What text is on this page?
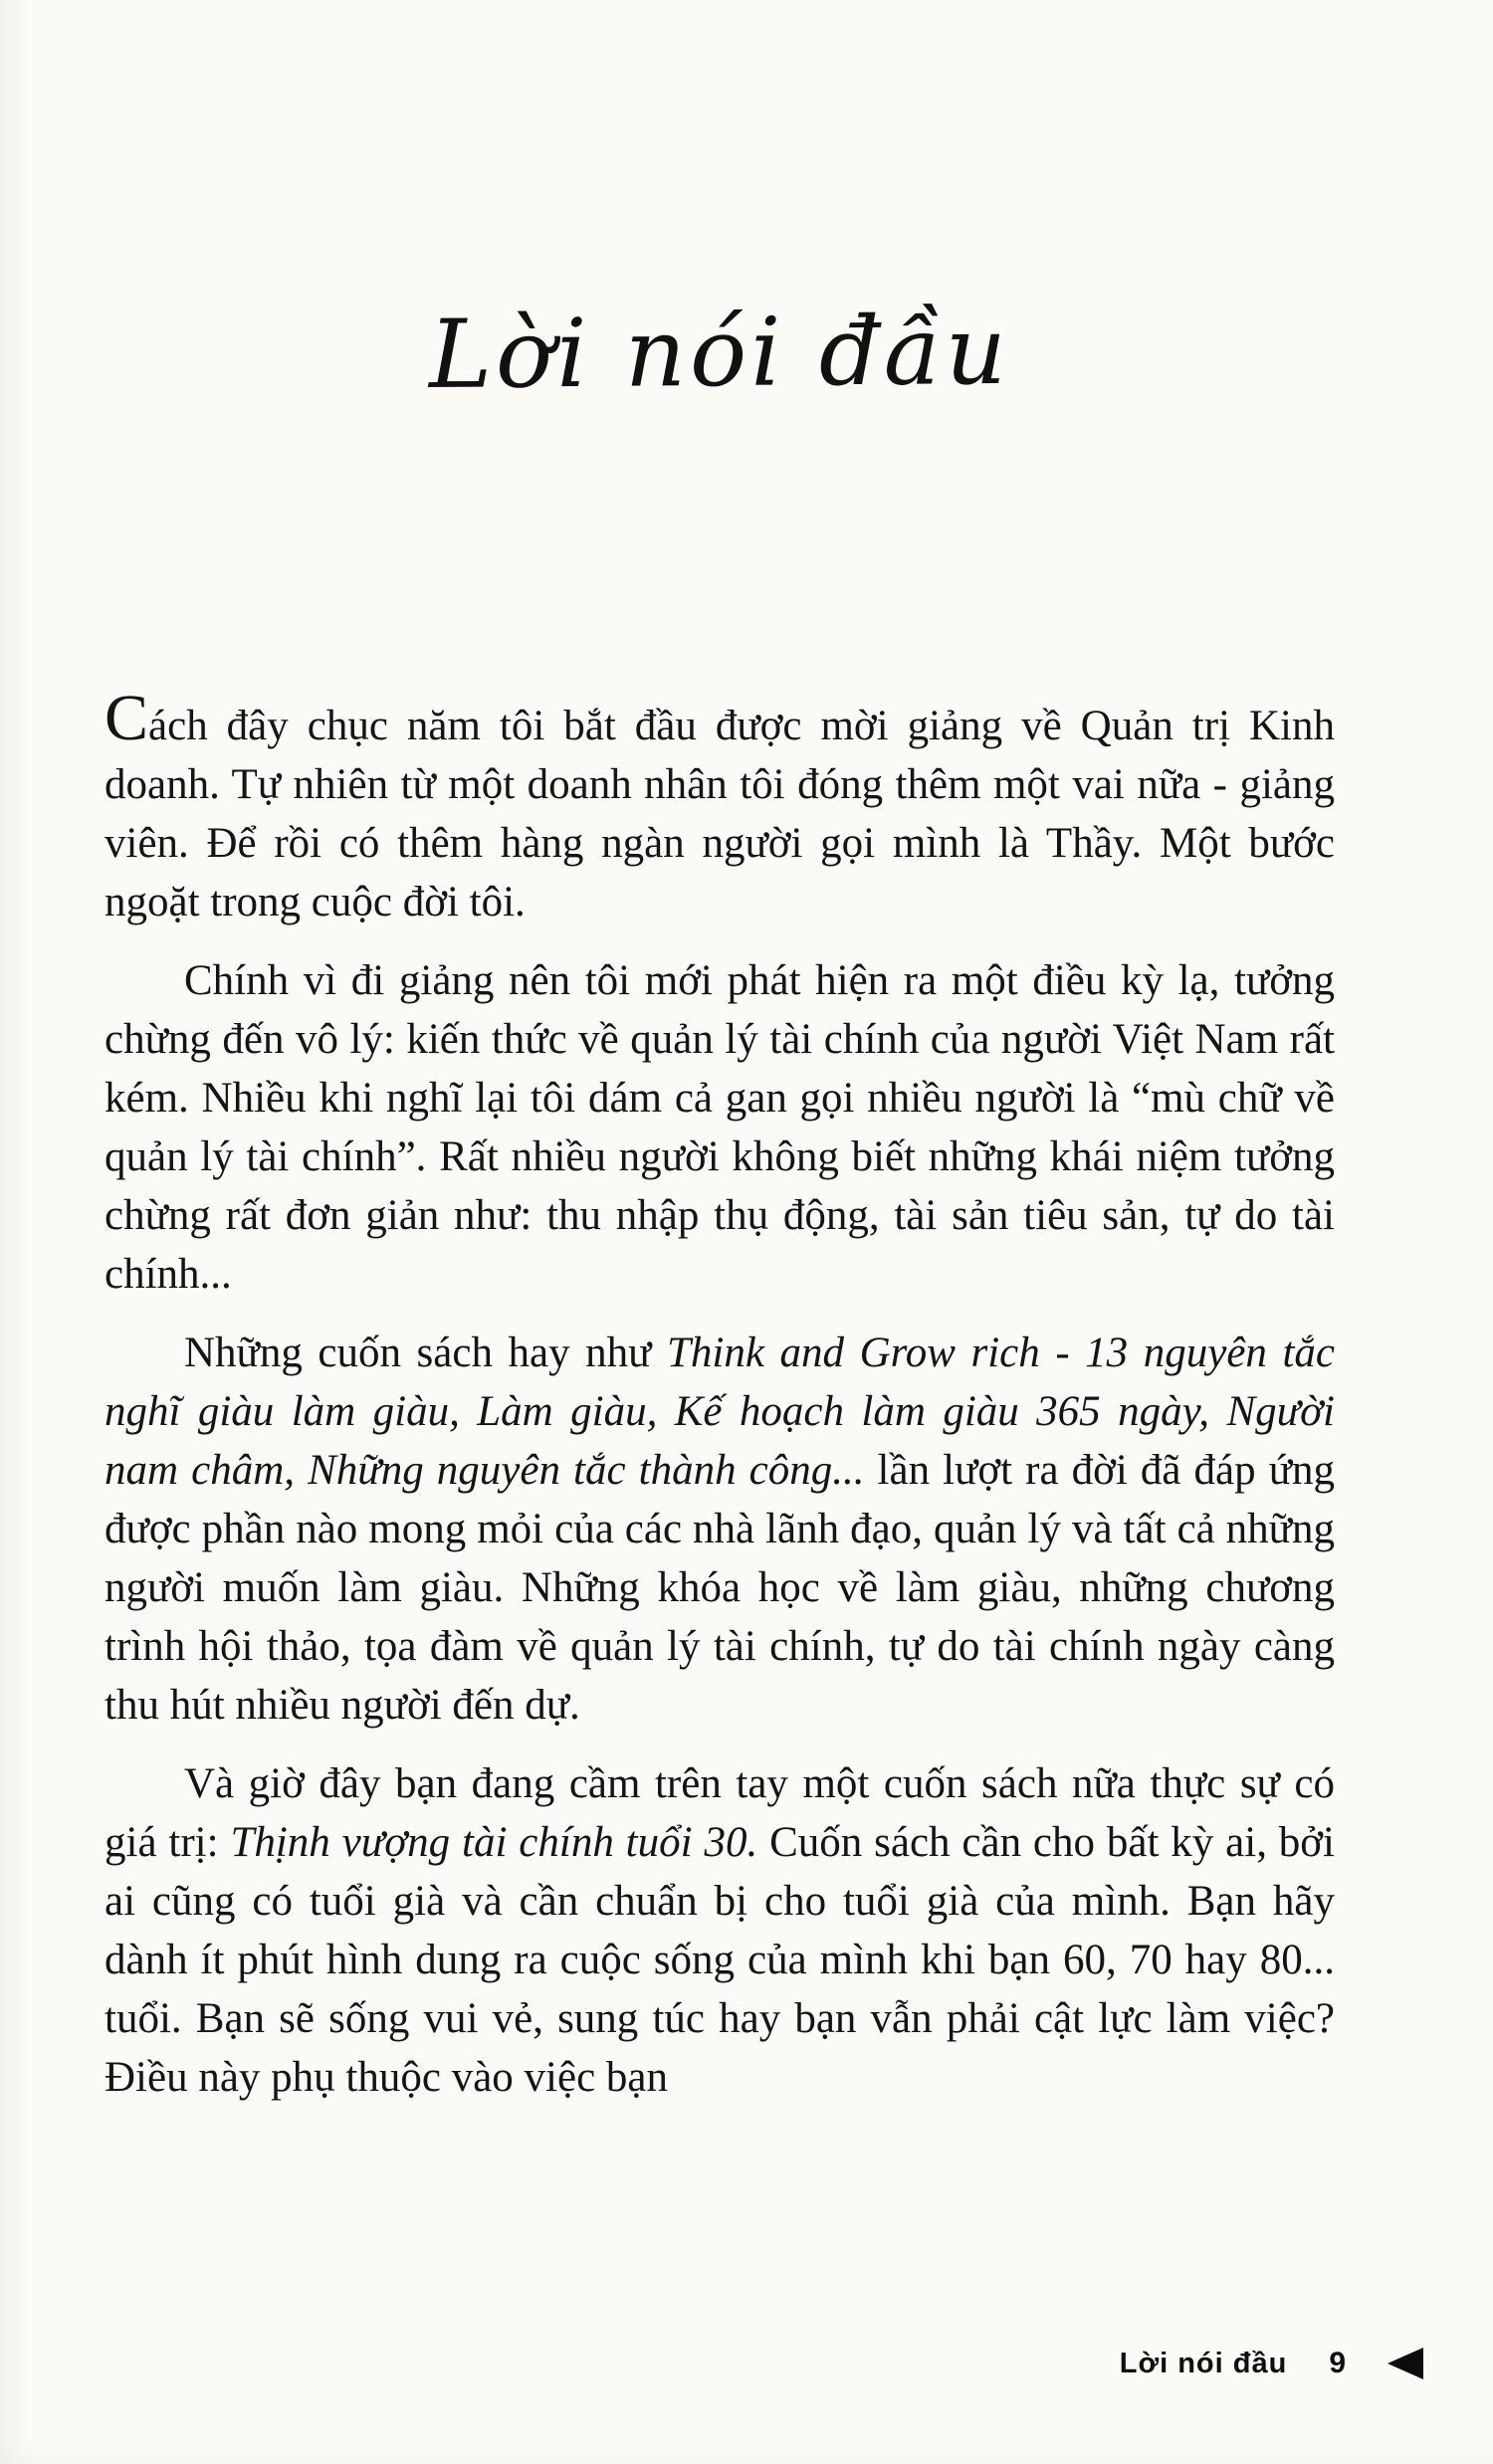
Lời nói đầu

Cách đây chục năm tôi bắt đầu được mời giảng về Quản trị Kinh doanh. Tự nhiên từ một doanh nhân tôi đóng thêm một vai nữa - giảng viên. Để rồi có thêm hàng ngàn người gọi mình là Thầy. Một bước ngoặt trong cuộc đời tôi.

Chính vì đi giảng nên tôi mới phát hiện ra một điều kỳ lạ, tưởng chừng đến vô lý: kiến thức về quản lý tài chính của người Việt Nam rất kém. Nhiều khi nghĩ lại tôi dám cả gan gọi nhiều người là “mù chữ về quản lý tài chính”. Rất nhiều người không biết những khái niệm tưởng chừng rất đơn giản như: thu nhập thụ động, tài sản tiêu sản, tự do tài chính...

Những cuốn sách hay như Think and Grow rich - 13 nguyên tắc nghĩ giàu làm giàu, Làm giàu, Kế hoạch làm giàu 365 ngày, Người nam châm, Những nguyên tắc thành công... lần lượt ra đời đã đáp ứng được phần nào mong mỏi của các nhà lãnh đạo, quản lý và tất cả những người muốn làm giàu. Những khóa học về làm giàu, những chương trình hội thảo, tọa đàm về quản lý tài chính, tự do tài chính ngày càng thu hút nhiều người đến dự.

Và giờ đây bạn đang cầm trên tay một cuốn sách nữa thực sự có giá trị: Thịnh vượng tài chính tuổi 30. Cuốn sách cần cho bất kỳ ai, bởi ai cũng có tuổi già và cần chuẩn bị cho tuổi già của mình. Bạn hãy dành ít phút hình dung ra cuộc sống của mình khi bạn 60, 70 hay 80... tuổi. Bạn sẽ sống vui vẻ, sung túc hay bạn vẫn phải cật lực làm việc? Điều này phụ thuộc vào việc bạn

Lời nói đầu 9
